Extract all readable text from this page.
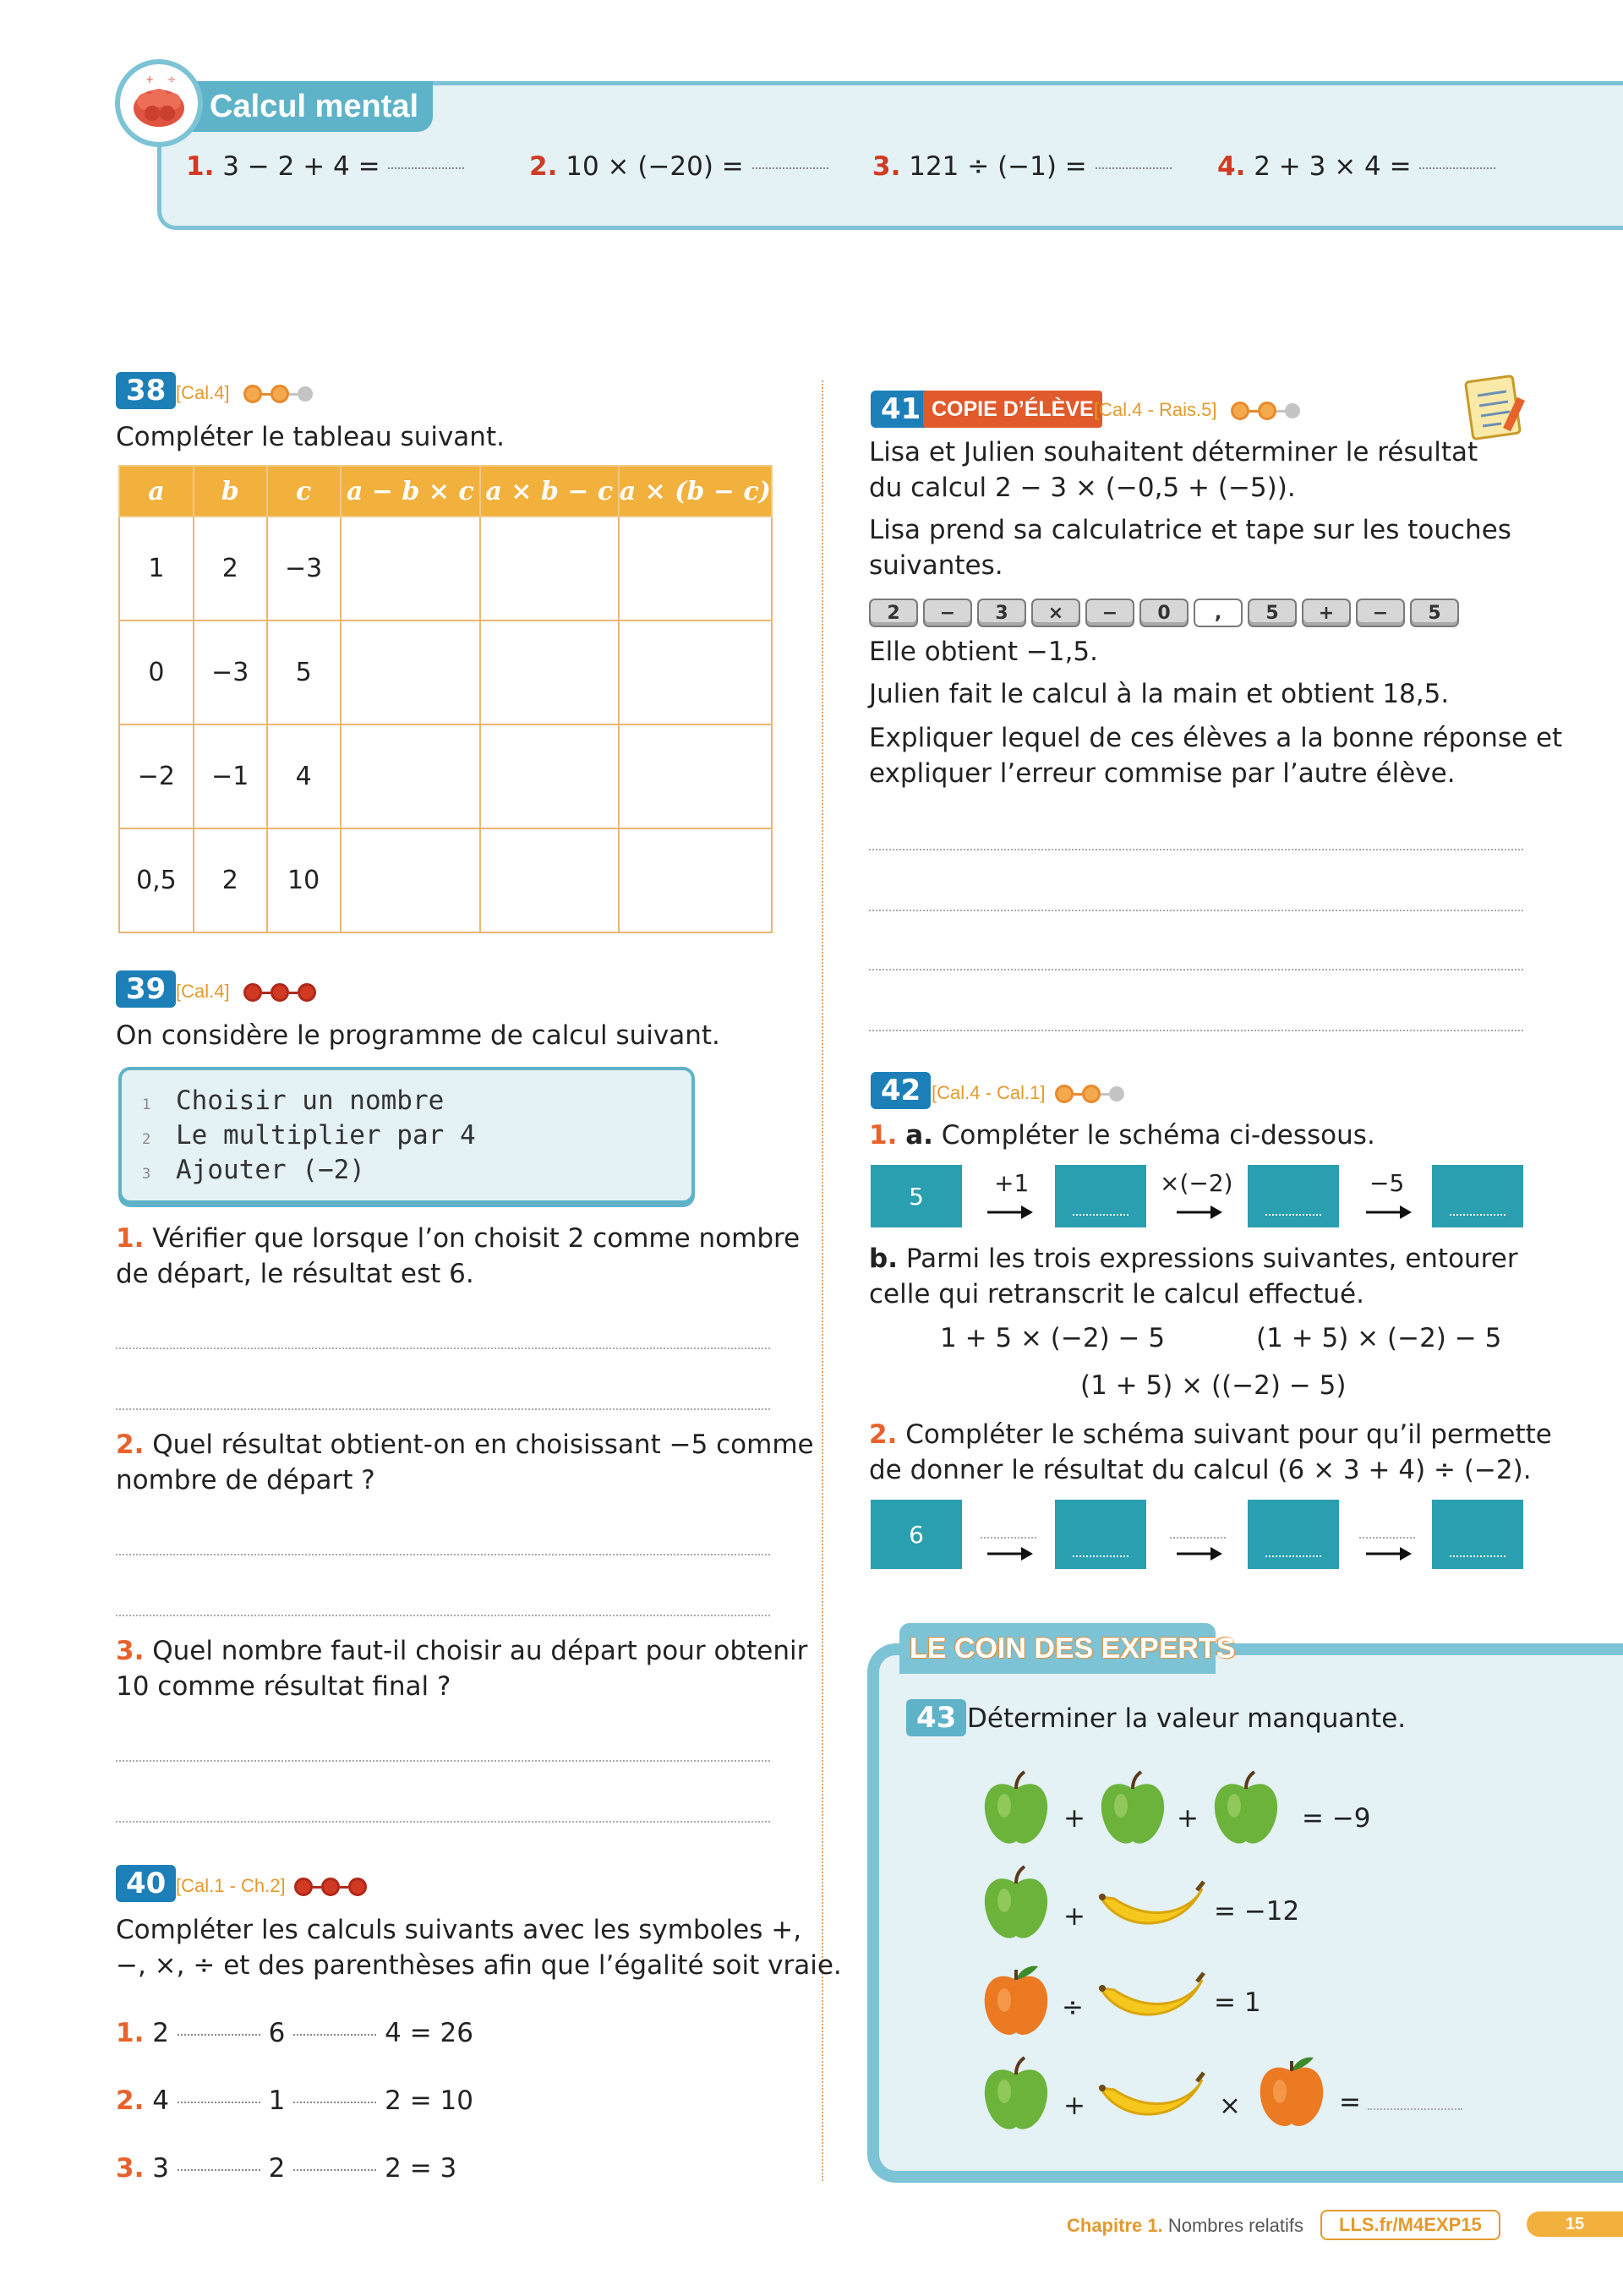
+ ÷
Calcul mental
1. 3 − 2 + 4 =	2. 10 × (−20) =	3. 121 ÷ (−1) =	4. 2 + 3 × 4 =
38 [Cal.4]
Compléter le tableau suivant.
a	b	c	a − b × c	a × b − c	a × (b − c)
1	2	−3			
0	−3	5			
−2	−1	4			
0,5	2	10			
39 [Cal.4]
On considère le programme de calcul suivant.
1 Choisir un nombre
2 Le multiplier par 4
3 Ajouter (−2)
1. Vérifier que lorsque l’on choisit 2 comme nombre
de départ, le résultat est 6.
2. Quel résultat obtient-on en choisissant −5 comme
nombre de départ ?
3. Quel nombre faut-il choisir au départ pour obtenir
10 comme résultat final ?
40 [Cal.1 - Ch.2]
Compléter les calculs suivants avec les symboles +,
−, ×, ÷ et des parenthèses afin que l’égalité soit vraie.
1. 2	6	4 = 26
2. 4	1	2 = 10
3. 3	2	2 = 3
41 COPIE D’ÉLÈVE [Cal.4 - Rais.5]
Lisa et Julien souhaitent déterminer le résultat
du calcul 2 − 3 × (−0,5 + (−5)).
Lisa prend sa calculatrice et tape sur les touches
suivantes.
2	−	3	×	−	0	,	5	+	−	5
Elle obtient −1,5.
Julien fait le calcul à la main et obtient 18,5.
Expliquer lequel de ces élèves a la bonne réponse et
expliquer l’erreur commise par l’autre élève.
42 [Cal.4 - Cal.1]
1. a. Compléter le schéma ci-dessous.
5	+1	×(−2)	−5
b. Parmi les trois expressions suivantes, entourer
celle qui retranscrit le calcul effectué.
1 + 5 × (−2) − 5	(1 + 5) × (−2) − 5
(1 + 5) × ((−2) − 5)
2. Compléter le schéma suivant pour qu’il permette
de donner le résultat du calcul (6 × 3 + 4) ÷ (−2).
6
LE COIN DES EXPERTS
43 Déterminer la valeur manquante.
+	+	= −9
+	= −12
÷	= 1
+	×	=
Chapitre 1. Nombres relatifs	LLS.fr/M4EXP15	15
